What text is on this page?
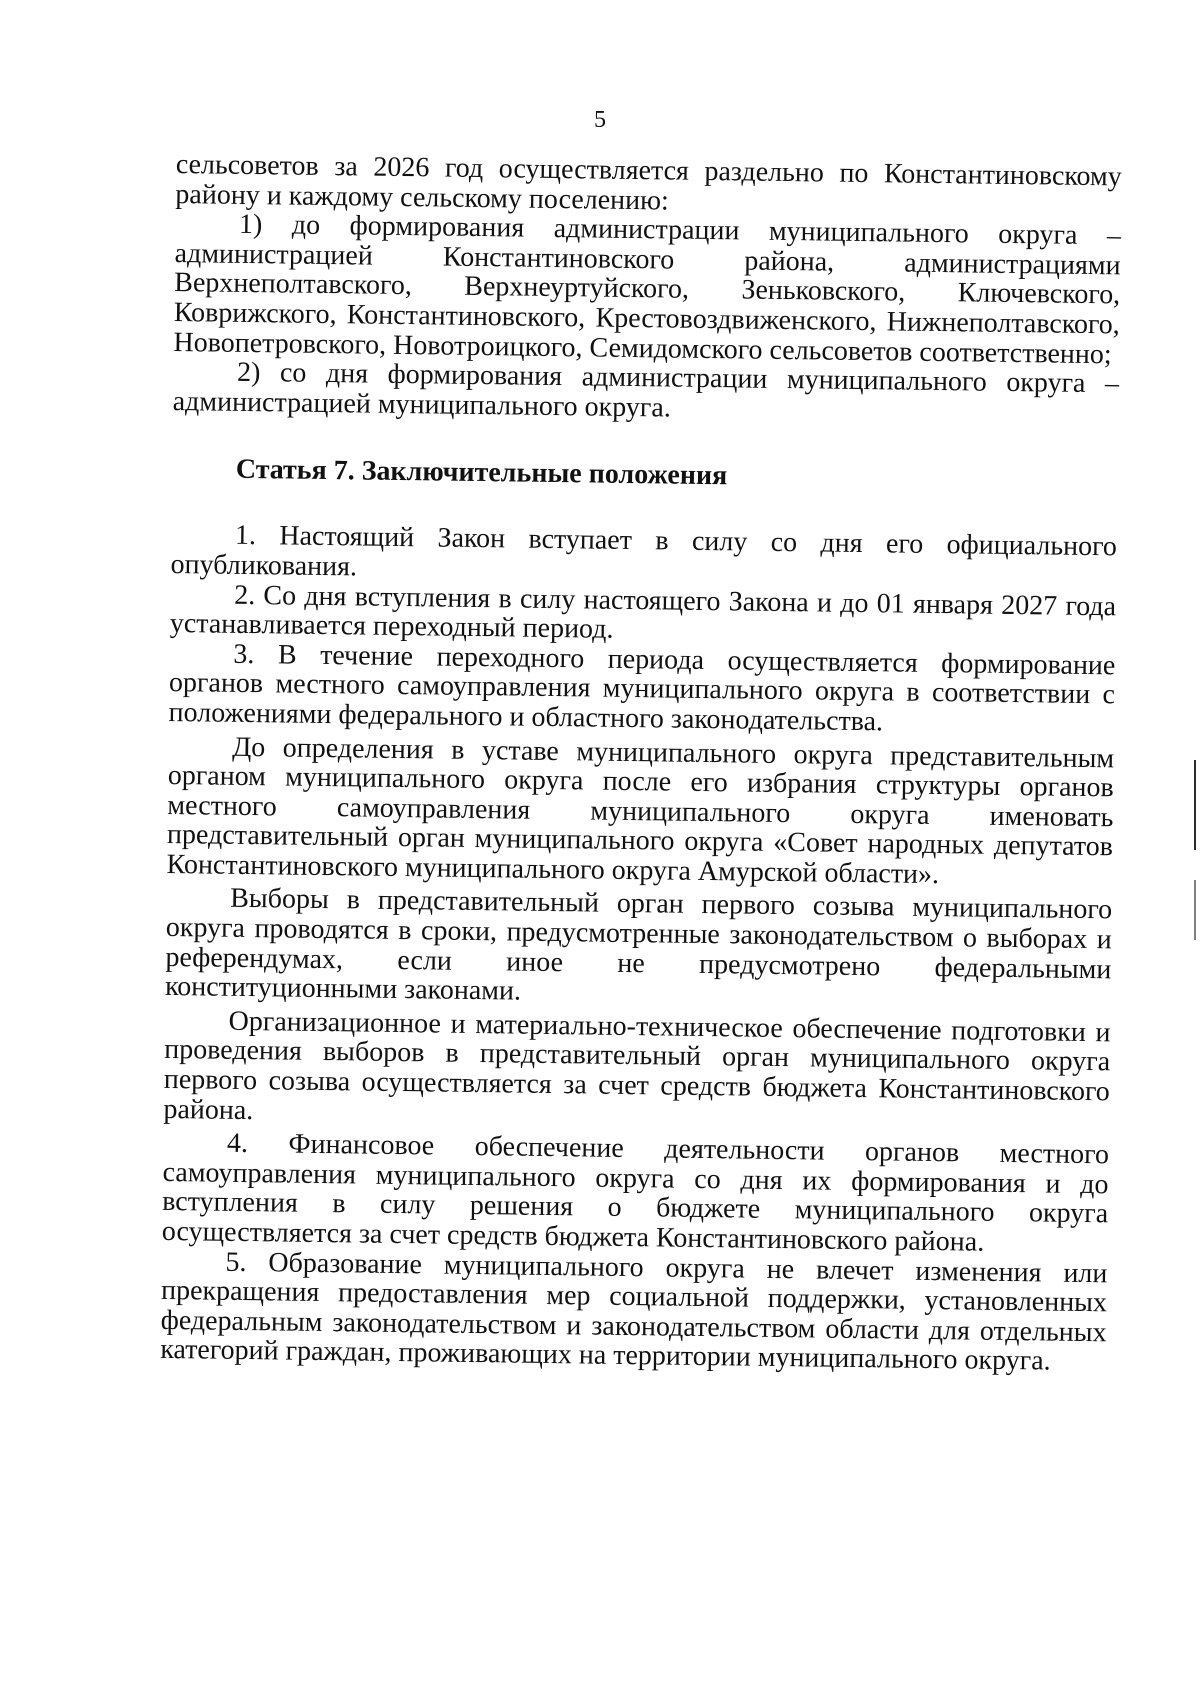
5

сельсоветов за 2026 год осуществляется раздельно по Константиновскому району и каждому сельскому поселению:

1) до формирования администрации муниципального округа – администрацией Константиновского района, администрациями Верхнеполтавского, Верхнеуртуйского, Зеньковского, Ключевского, Коврижского, Константиновского, Крестовоздвиженского, Нижнеполтавского, Новопетровского, Новотроицкого, Семидомского сельсоветов соответственно;

2) со дня формирования администрации муниципального округа – администрацией муниципального округа.

Статья 7. Заключительные положения

1. Настоящий Закон вступает в силу со дня его официального опубликования.

2. Со дня вступления в силу настоящего Закона и до 01 января 2027 года устанавливается переходный период.

3. В течение переходного периода осуществляется формирование органов местного самоуправления муниципального округа в соответствии с положениями федерального и областного законодательства.

До определения в уставе муниципального округа представительным органом муниципального округа после его избрания структуры органов местного самоуправления муниципального округа именовать представительный орган муниципального округа «Совет народных депутатов Константиновского муниципального округа Амурской области».

Выборы в представительный орган первого созыва муниципального округа проводятся в сроки, предусмотренные законодательством о выборах и референдумах, если иное не предусмотрено федеральными конституционными законами.

Организационное и материально-техническое обеспечение подготовки и проведения выборов в представительный орган муниципального округа первого созыва осуществляется за счет средств бюджета Константиновского района.

4. Финансовое обеспечение деятельности органов местного самоуправления муниципального округа со дня их формирования и до вступления в силу решения о бюджете муниципального округа осуществляется за счет средств бюджета Константиновского района.

5. Образование муниципального округа не влечет изменения или прекращения предоставления мер социальной поддержки, установленных федеральным законодательством и законодательством области для отдельных категорий граждан, проживающих на территории муниципального округа.
